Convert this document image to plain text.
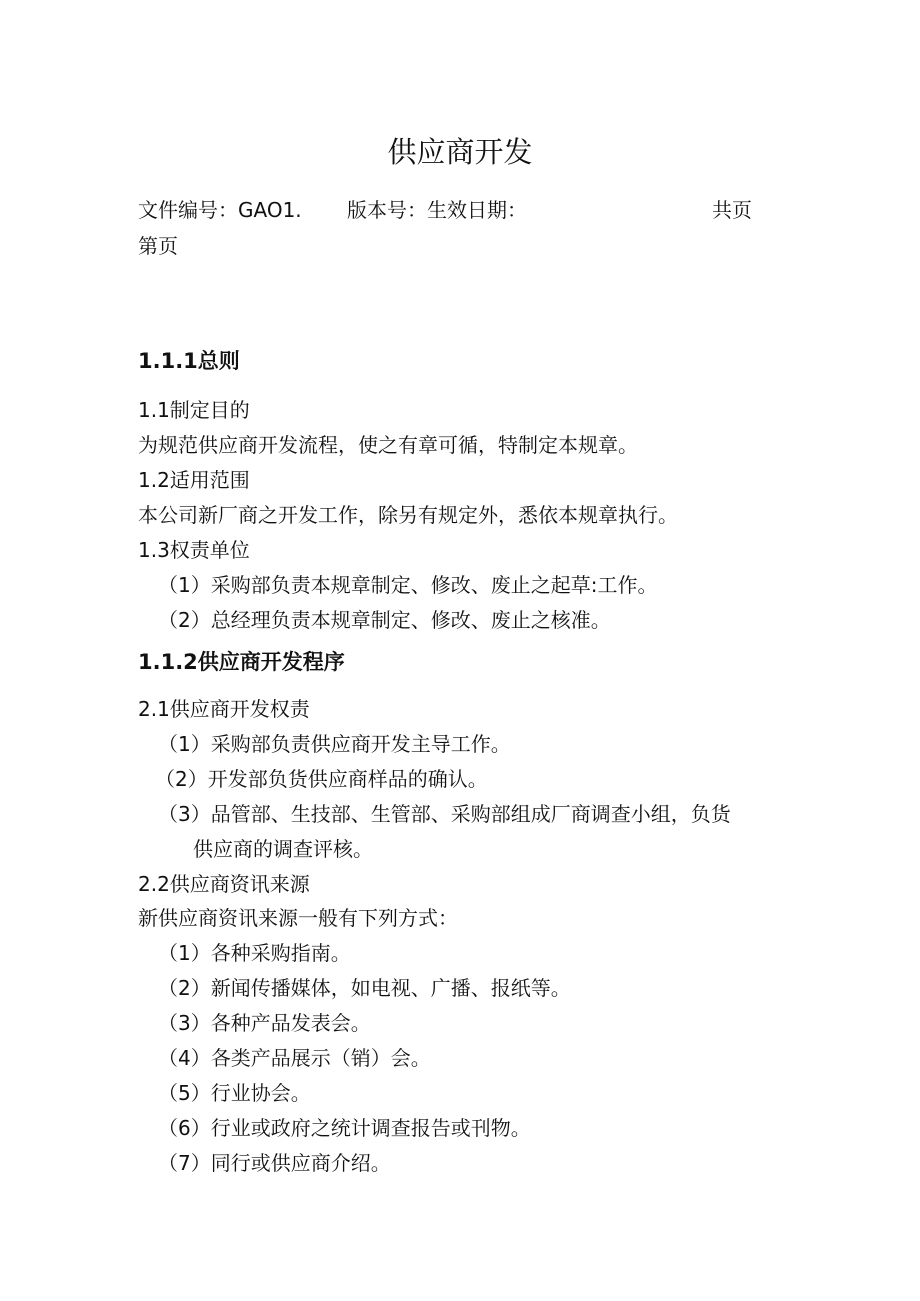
供应商开发
文件编号：GAO1. 版本号：生效日期：	共页
第页
1.1.1总则
1.1制定目的
为规范供应商开发流程，使之有章可循，特制定本规章。
1.2适用范围
本公司新厂商之开发工作，除另有规定外，悉依本规章执行。
1.3权责单位
（1）采购部负责本规章制定、修改、废止之起草:工作。
（2）总经理负责本规章制定、修改、废止之核准。
1.1.2供应商开发程序
2.1供应商开发权责
（1）采购部负责供应商开发主导工作。
（2）开发部负货供应商样品的确认。
（3）品管部、生技部、生管部、采购部组成厂商调查小组，负货
供应商的调查评核。
2.2供应商资讯来源
新供应商资讯来源一般有下列方式：
（1）各种采购指南。
（2）新闻传播媒体，如电视、广播、报纸等。
（3）各种产品发表会。
（4）各类产品展示（销）会。
（5）行业协会。
（6）行业或政府之统计调查报告或刊物。
（7）同行或供应商介绍。
